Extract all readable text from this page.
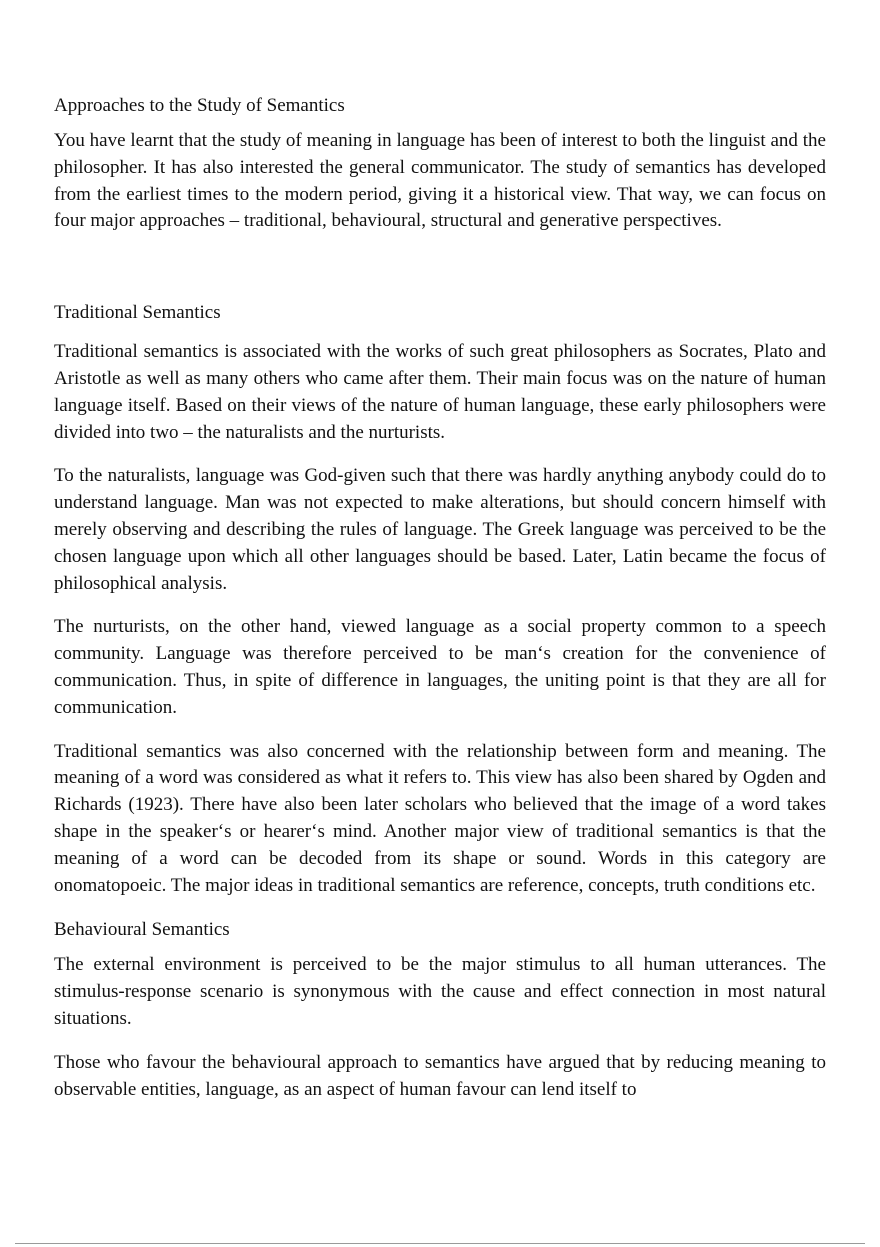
Approaches to the Study of Semantics

You have learnt that the study of meaning in language has been of interest to both the linguist and the philosopher. It has also interested the general communicator. The study of semantics has developed from the earliest times to the modern period, giving it a historical view. That way, we can focus on four major approaches – traditional, behavioural, structural and generative perspectives.

Traditional Semantics

Traditional semantics is associated with the works of such great philosophers as Socrates, Plato and Aristotle as well as many others who came after them. Their main focus was on the nature of human language itself. Based on their views of the nature of human language, these early philosophers were divided into two – the naturalists and the nurturists.

To the naturalists, language was God-given such that there was hardly anything anybody could do to understand language. Man was not expected to make alterations, but should concern himself with merely observing and describing the rules of language. The Greek language was perceived to be the chosen language upon which all other languages should be based. Later, Latin became the focus of philosophical analysis.

The nurturists, on the other hand, viewed language as a social property common to a speech community. Language was therefore perceived to be man‘s creation for the convenience of communication. Thus, in spite of difference in languages, the uniting point is that they are all for communication.

Traditional semantics was also concerned with the relationship between form and meaning. The meaning of a word was considered as what it refers to. This view has also been shared by Ogden and Richards (1923). There have also been later scholars who believed that the image of a word takes shape in the speaker‘s or hearer‘s mind. Another major view of traditional semantics is that the meaning of a word can be decoded from its shape or sound. Words in this category are onomatopoeic. The major ideas in traditional semantics are reference, concepts, truth conditions etc.

Behavioural Semantics

The external environment is perceived to be the major stimulus to all human utterances. The stimulus-response scenario is synonymous with the cause and effect connection in most natural situations.

Those who favour the behavioural approach to semantics have argued that by reducing meaning to observable entities, language, as an aspect of human favour can lend itself to
